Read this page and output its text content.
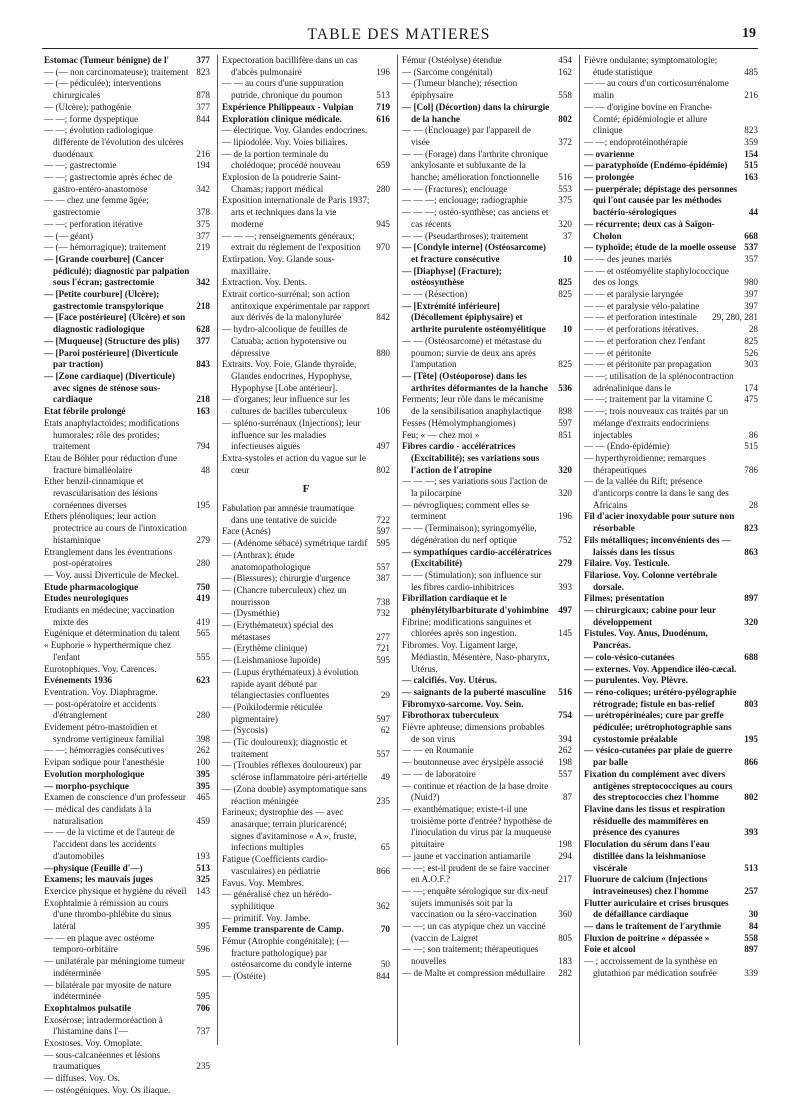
TABLE DES MATIERES	19
Estomac (Tumeur bénigne) de l'	377
— (— non carcinomateuse); traitement 823
— (— pédiculée); interventions chirurgicales	878
— (Ulcère); pathogénie	377
— —; forme dyspeptique	844
— —; évolution radiologique différente de l'évolution des ulcères duodénaux	216
— —; gastrectomie	194
— —; gastrectomie après échec de gastro-entéro-anastomose	342
— — chez une femme âgée; gastrectomie	378
— —; perforation itérative	375
— (— géant)	377
— (— hémorragique); traitement	219
— [Grande courbure] (Cancer pédiculé); diagnostic par palpation sous l'écran; gastrectomie	342
— [Petite courbure] (Ulcère); gastrectomie transpylorique	218
— [Face postérieure] (Ulcère) et son diagnostic radiologique	628
— [Muqueuse] (Structure des plis) 377
— [Paroi postérieure] (Diverticule par traction)	843
— [Zone cardiaque] (Diverticule) avec signes de sténose sous-cardiaque	218
Etat fébrile prolongé	163
Etats anaphylactoïdes; modifications humorales; rôle des protides; traitement	794
Etau de Böhler pour réduction d'une fracture bimalléolaire	48
Ether benzil-cinnamique et revascularisation des lésions cornéennes diverses	195
Ethers plénoliques; leur action protectrice au cours de l'intoxication histaminique	279
Etranglement dans les éventrations post-opératoires	280
— Voy. aussi Diverticule de Meckel.
Etude pharmacologique	750
Etudes neurologiques	419
Etudiants en médecine; vaccination mixte des	419
Eugénique et détermination du talent 565
« Euphorie » hyperthermique chez l'enfant	555
Eurotophiques. Voy. Carences.
Evénements 1936	623
Eventration. Voy. Diaphragme.
— post-opératoire et accidents d'étranglement	280
Evidement pétro-mastoïdien et syndrome vertigineux familial	398
— —; hémorragies consécutives	262
Evipan sodique pour l'anesthésie	100
Evolution morphologique	395
— morpho-psychique	395
Examen de conscience d'un professeur 465
— médical des candidats à la naturalisation	459
— — de la victime et de l'auteur de l'accident dans les accidents d'automobiles	193
—physique (Feuille d'—)	513
Examens; les mauvais juges	325
Exercice physique et hygiène du réveil 143
Exophtalmie à rémission au cours d'une thrombo-phlébite du sinus latéral	395
— — en plaque avec ostéome temporo-orbitaire	596
— unilatérale par méningiome tumeur indéterminée	595
— bilatérale par myosite de nature indéterminée	595
Exophtalmos pulsatile	706
Exosérose; intradermoréaction à l'histamine dans l'—	737
Exostoses. Voy. Omoplate.
— sous-calcanéennes et lésions traumatiques	235
— diffuses. Voy. Os.
— ostéogéniques. Voy. Os iliaque.
Expectoration bacillifère dans un cas d'abcès pulmonaire	196
— — au cours d'une suppuration putride, chronique du poumon	513
Expérience Philippeaux - Vulpian 719
Exploration clinique médicale.	616
— électrique. Voy. Glandes endocrines.
— lipiodolée. Voy. Voies biliaires.
— de la portion terminale du cholédoque; procédé nouveau	659
Explosion de la poudrerie Saint-Chamas; rapport médical	280
Exposition internationale de Paris 1937; arts et techniques dans la vie moderne	945
— — —; renseignements généraux; extrait du règlement de l'exposition 970
Extirpation. Voy. Glande sous-maxillaire.
Extraction. Voy. Dents.
Extrait cortico-surrénal; son action antitoxique expérimentale par rapport aux dérivés de la malonylurée	842
— hydro-alcoolique de feuilles de Catuaba; action hypotensive ou dépressive	880
Extraits. Voy. Foie, Glande thyroïde, Glandes endocrines, Hypophyse, Hypophyse [Lobe antérieur].
— d'organes; leur influence sur les cultures de bacilles tuberculeux	106
— spléno-surrénaux (Injections); leur influence sur les maladies infectieuses aiguës	497
Extra-systoles et action du vague sur le cœur	802
F
Fabulation par amnésie traumatique dans une tentative de suicide	722
Face (Acnés)	597
— (Adénome sébacé) symétrique tardif 595
— (Anthrax); étude anatomopathologique	557
— (Blessures); chirurgie d'urgence	387
— (Chancre tuberculeux) chez un nourrisson	738
— (Dysméthie)	732
— (Erythémateux) spécial des métastases	277
— (Erythème clinique)	721
— (Leishmaniose lupoïde)	595
— (Lupus érythémateux) à évolution rapide ayant débuté par télangiectasies confluentes	29
— (Poïkilodermie réticulée pigmentaire)	597
— (Sycosis)	62
— (Tic douloureux); diagnostic et traitement	557
— (Troubles réflexes douloureux) par sclérose inflammatoire péri-artérielle 49
— (Zona double) asymptomatique sans réaction méningée	235
Farineux; dystrophie des — avec anasarque; terrain pluricarencé; signes d'avitaminose « A », fruste, infections multiples	65
Fatigue (Coefficients cardio-vasculaires) en pédiatrie	866
Favus. Voy. Membres.
— généralisé chez un hérédo-syphilitique	362
— primitif. Voy. Jambe.
Femme transparente de Camp.	70
Fémur (Atrophie congénitale); (— fracture pathologique) par ostéosarcome du condyle interne	50
— (Ostéite)	844
Fémur (Ostéolyse) étendue	454
— (Sarcome congénital)	162
— (Tumeur blanche); résection épiphysaire	558
— [Col] (Décortion) dans la chirurgie de la hanche	802
— — (Enclouage) par l'appareil de visée	372
— — (Forage) dans l'arthrite chronique ankylosante et subluxante de la hanche; amélioration fonctionnelle 516
— — (Fractures); enclouage	553
— — —; enclouage; radiographie	375
— — —; ostéo-synthèse; cas anciens et cas récents	320
— — (Pseudarthroses); traitement	37
— [Condyle interne] (Ostéosarcome) et fracture consécutive	10
— [Diaphyse] (Fracture); ostéosynthèse	825
— — (Résection)	825
— [Extrémité inférieure] (Décollement épiphysaire) et arthrite purulente ostéomyélitique 10
— — (Ostéosarcome) et métastase du poumon; survie de deux ans après l'amputation	825
— [Tête] (Ostéoporose) dans les arthrites déformantes de la hanche 536
Ferments; leur rôle dans le mécanisme de la sensibilisation anaphylactique 898
Fesses (Hémolymphangiomes)	597
Feu; « — chez moi »	851
Fibres cardio - accélératrices (Excitabilité); ses variations sous l'action de l'atropine	320
— — —; ses variations sous l'action de la pilocarpine	320
— névrogliques; comment elles se terminent	196
— — (Terminaison); syringomyélie, dégénération du nerf optique	752
— sympathiques cardio-accélératrices (Excitabilité)	279
— — (Stimulation); son influence sur les fibres cardio-inhibitrices	393
Fibrillation cardiaque et le phénylétylbarbiturate d'yohimbine 497
Fibrine; modifications sanguines et chlorées après son ingestion.	145
Fibromes. Voy. Ligament large, Médiastin, Mésentère, Naso-pharynx, Utérus.
— calcifiés. Voy. Utérus.
— saignants de la puberté masculine 516
Fibromyxo-sarcome. Voy. Sein.
Fibrothorax tuberculeux	754
Fièvre aphteuse; dimensions probables de son virus	394
— — en Roumanie	262
— boutonneuse avec érysipèle associé 198
— — de laboratoire	557
— continue et réaction de la base droite (Nuid?)	87
— exanthématique; existe-t-il une troisième porte d'entrée? hypothèse de l'inoculation du virus par la muqueuse pituitaire	198
— jaune et vaccination antiamarile	294
— —; est-il prudent de se faire vacciner en A.O.F.?	217
— —; enquête sérologique sur dix-neuf sujets immunisés soit par la vaccination ou la séro-vaccination 360
— —; un cas atypique chez un vacciné (vaccin de Laigret	805
— —; son traitement; thérapeutiques nouvelles	183
— de Malte et compression médullaire 282
Fièvre ondulante; symptomatologie; étude statistique	485
— — au cours d'un corticosurrénalome malin	216
— — d'origine bovine en Franche-Comté; épidémiologie et allure clinique	823
— —; endoprotéinothérapie	359
— ovarienne	154
— paratyphoïde (Endémo-épidémie) 515
— prolongée	163
— puerpérale; dépistage des personnes qui l'ont causée par les méthodes bactério-sérologiques	44
— récurrente; deux cas à Saïgon-Cholon	668
— typhoïde; étude de la moelle osseuse 537
— — des jeunes mariés	357
— — et ostéomyélite staphylococcique des os longs	980
— — et paralysie laryngée	397
— — et paralysie vélo-palatine	397
— — et perforation intestinale 29, 280, 281
— — et perforations itératives.	28
— — et perforation chez l'enfant	825
— — et péritonite	526
— — et péritonite par propagation	303
— —; utilisation de la splénocontraction adrénalinique dans le	174
— —; traitement par la vitamine C	475
— —; trois nouveaux cas traités par un mélange d'extraits endocriniens injectables	86
— — (Endo-épidémie)	515
— hyperthyroïdienne; remarques thérapeutiques	786
— de la vallée du Rift; présence d'anticorps contre la dans le sang des Africains	28
Fil d'acier inoxydable pour suture non résorbable	823
Fils métalliques; inconvénients des — laissés dans les tissus	863
Filaire. Voy. Testicule.
Filariose. Voy. Colonne vertébrale dorsale.
Filmes; présentation	897
— chirurgicaux; cabine pour leur développement	320
Fistules. Voy. Anus, Duodénum, Pancréas.
— colo-vésico-cutanées	688
— externes. Voy. Appendice iléo-cæcal.
— purulentes. Voy. Plèvre.
— réno-coliques; urétéro-pyélographie rétrograde; fistule en bas-relief	803
— urétropérinéales; cure par greffe pédiculée; urétrophotographie sans cystostomie préalable	195
— vésico-cutanées par plaie de guerre par balle	866
Fixation du complément avec divers antigènes streptococciques au cours des streptococcies chez l'homme	802
Flavine dans les tissus et respiration résiduelle des mammifères en présence des cyanures	393
Floculation du sérum dans l'eau distillée dans la leishmaniose viscérale	513
Fluorure de calcium (Injections intraveineuses) chez l'homme	257
Flutter auriculaire et crises brusques de défaillance cardiaque	30
— dans le traitement de l'arythmie	84
Fluxion de poitrine « dépassée »	558
Foie et alcool	897
— ; accroissement de la synthèse en glutathion par médication soufrée	339
